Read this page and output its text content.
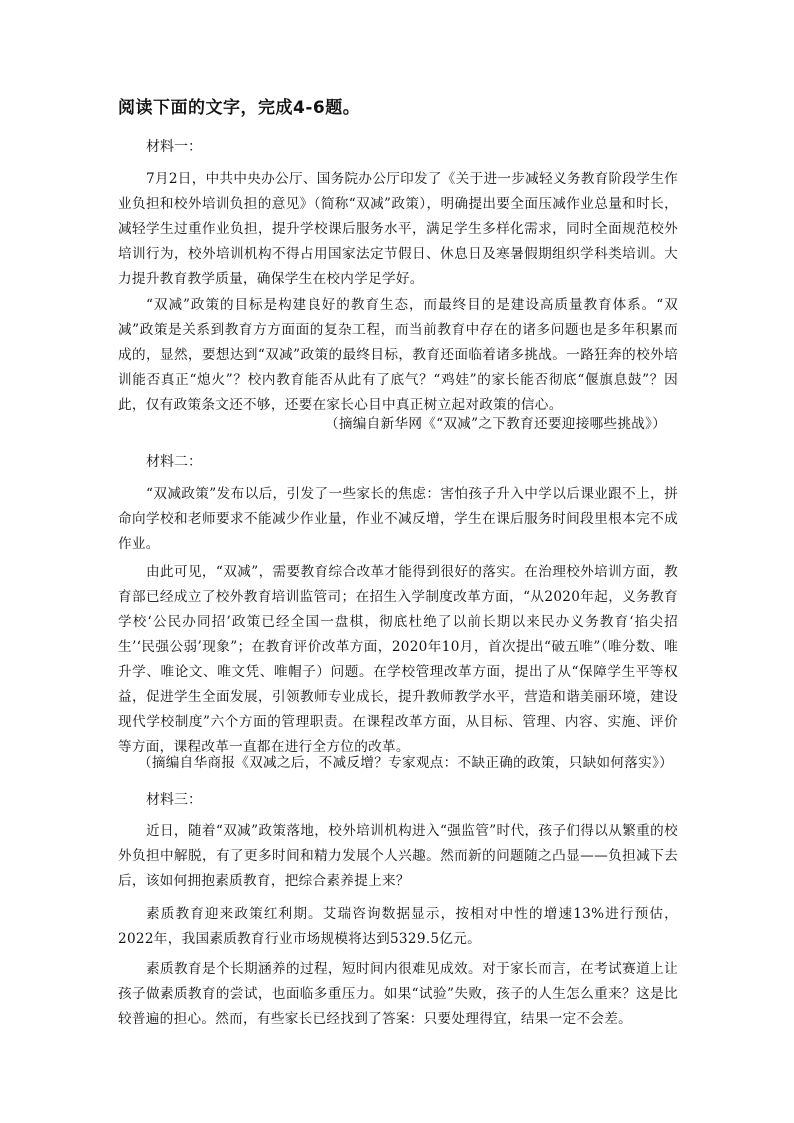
阅读下面的文字，完成4-6题。
材料一：
7月2日，中共中央办公厅、国务院办公厅印发了《关于进一步减轻义务教育阶段学生作业负担和校外培训负担的意见》（简称“双减”政策），明确提出要全面压减作业总量和时长，减轻学生过重作业负担，提升学校课后服务水平，满足学生多样化需求，同时全面规范校外培训行为，校外培训机构不得占用国家法定节假日、休息日及寒暑假期组织学科类培训。大力提升教育教学质量，确保学生在校内学足学好。
“双减”政策的目标是构建良好的教育生态，而最终目的是建设高质量教育体系。“双减”政策是关系到教育方方面面的复杂工程，而当前教育中存在的诸多问题也是多年积累而成的，显然，要想达到“双减”政策的最终目标，教育还面临着诸多挑战。一路狂奔的校外培训能否真正“熄火”？校内教育能否从此有了底气？“鸡娃”的家长能否彻底“偃旗息鼓”？因此，仅有政策条文还不够，还要在家长心目中真正树立起对政策的信心。
（摘编自新华网《“双减”之下教育还要迎接哪些挑战》）
材料二：
“双减政策”发布以后，引发了一些家长的焦虑：害怕孩子升入中学以后课业跟不上，拼命向学校和老师要求不能减少作业量，作业不减反增，学生在课后服务时间段里根本完不成作业。
由此可见，“双减”，需要教育综合改革才能得到很好的落实。在治理校外培训方面，教育部已经成立了校外教育培训监管司；在招生入学制度改革方面，“从2020年起，义务教育学校‘公民办同招’政策已经全国一盘棋，彻底杜绝了以前长期以来民办义务教育‘掐尖招生’‘民强公弱’现象”；在教育评价改革方面，2020年10月，首次提出“破五唯”（唯分数、唯升学、唯论文、唯文凭、唯帽子）问题。在学校管理改革方面，提出了从“保障学生平等权益，促进学生全面发展，引领教师专业成长，提升教师教学水平，营造和谐美丽环境，建设现代学校制度”六个方面的管理职责。在课程改革方面，从目标、管理、内容、实施、评价等方面，课程改革一直都在进行全方位的改革。
（摘编自华商报《双减之后，不减反增？专家观点：不缺正确的政策，只缺如何落实》）
材料三：
近日，随着“双减”政策落地，校外培训机构进入“强监管”时代，孩子们得以从繁重的校外负担中解脱，有了更多时间和精力发展个人兴趣。然而新的问题随之凸显——负担减下去后，该如何拥抱素质教育，把综合素养提上来？
素质教育迎来政策红利期。艾瑞咨询数据显示，按相对中性的增速13%进行预估，2022年，我国素质教育行业市场规模将达到5329.5亿元。
素质教育是个长期涵养的过程，短时间内很难见成效。对于家长而言，在考试赛道上让孩子做素质教育的尝试，也面临多重压力。如果“试验”失败，孩子的人生怎么重来？这是比较普遍的担心。然而，有些家长已经找到了答案：只要处理得宜，结果一定不会差。
